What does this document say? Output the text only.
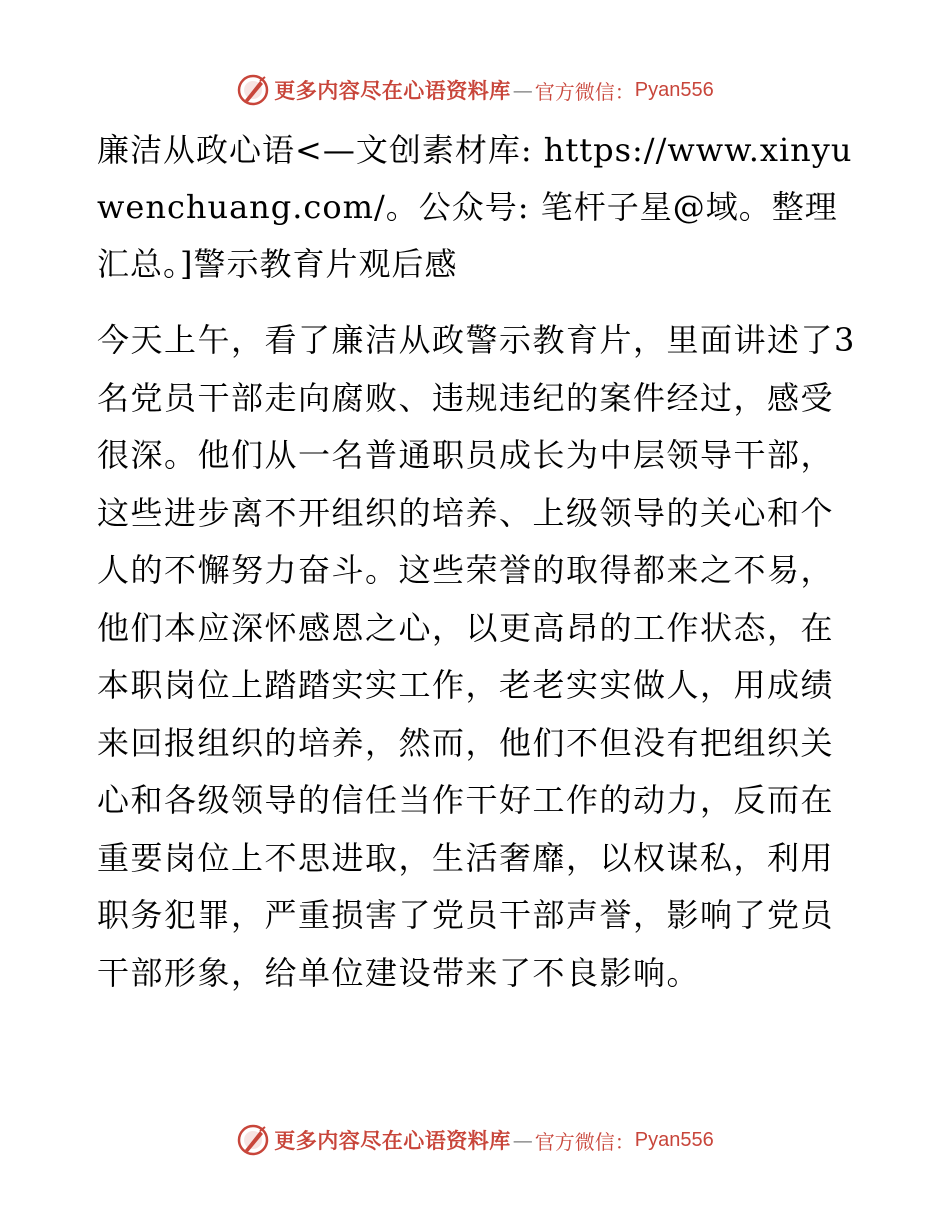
更多内容尽在心语资料库 — 官方微信： Pyan556
廉洁从政心语<—文创素材库: https://www.xinyuwenchuang.com/。公众号: 笔杆子星@域。整理汇总。]警示教育片观后感

今天上午，看了廉洁从政警示教育片，里面讲述了3名党员干部走向腐败、违规违纪的案件经过，感受很深。他们从一名普通职员成长为中层领导干部，这些进步离不开组织的培养、上级领导的关心和个人的不懈努力奋斗。这些荣誉的取得都来之不易，他们本应深怀感恩之心，以更高昂的工作状态，在本职岗位上踏踏实实工作，老老实实做人，用成绩来回报组织的培养，然而，他们不但没有把组织关心和各级领导的信任当作干好工作的动力，反而在重要岗位上不思进取，生活奢靡，以权谋私，利用职务犯罪，严重损害了党员干部声誉，影响了党员干部形象，给单位建设带来了不良影响。

更多内容尽在心语资料库 — 官方微信： Pyan556
